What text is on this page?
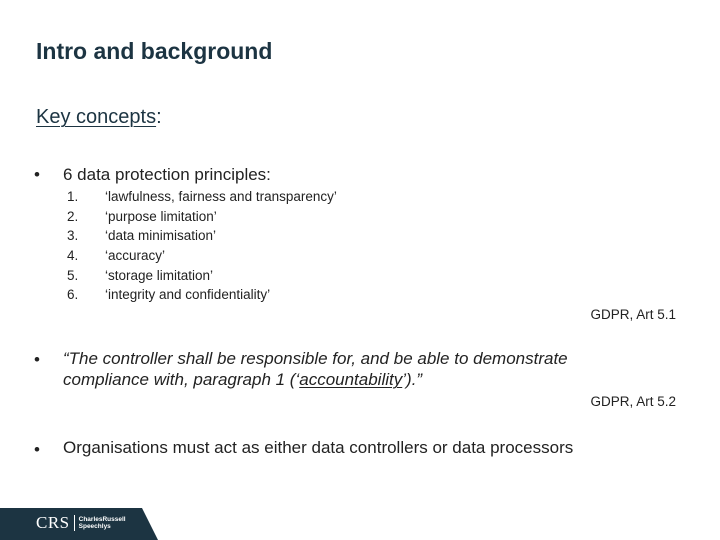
Intro and background
Key concepts:
• 6 data protection principles:
1. ‘lawfulness, fairness and transparency’
2. ‘purpose limitation’
3. ‘data minimisation’
4. ‘accuracy’
5. ‘storage limitation’
6. ‘integrity and confidentiality’
GDPR, Art 5.1
• “The controller shall be responsible for, and be able to demonstrate
compliance with, paragraph 1 (‘accountability’).”
GDPR, Art 5.2
• Organisations must act as either data controllers or data processors
CRS CharlesRussell
Speechlys
